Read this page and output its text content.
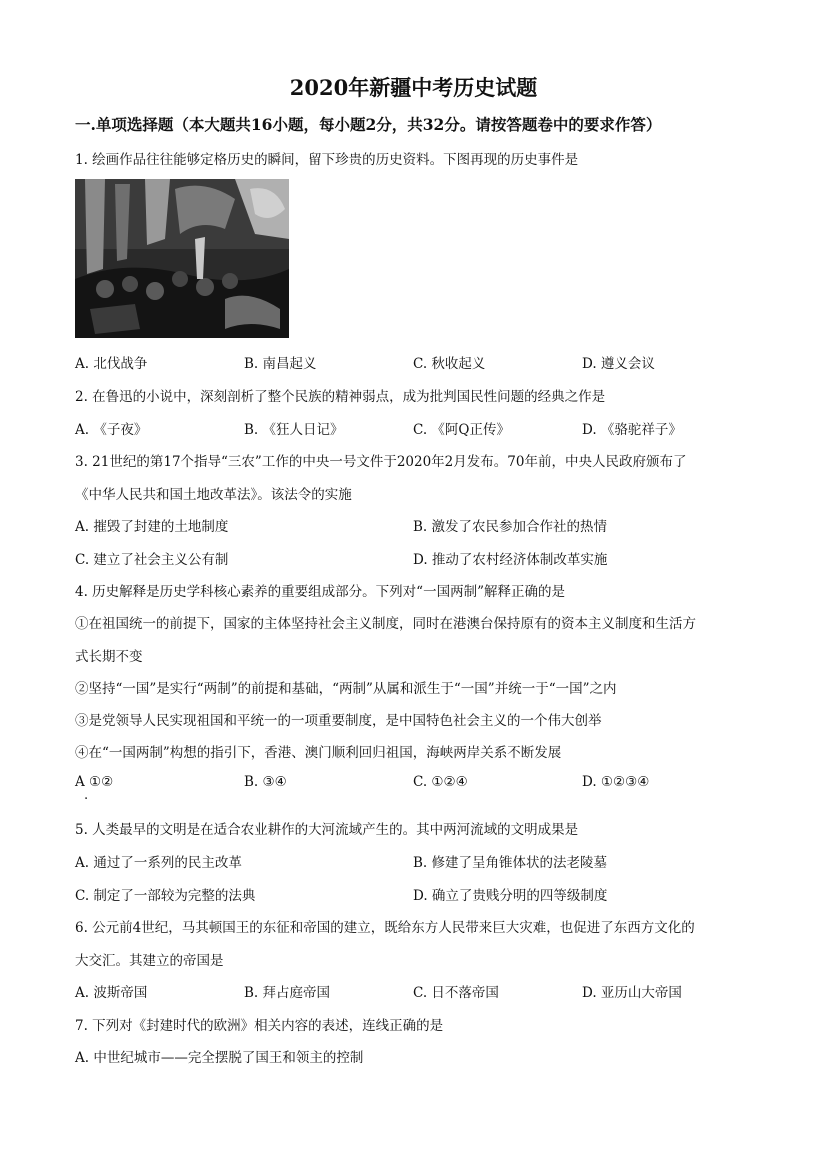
2020年新疆中考历史试题
一.单项选择题（本大题共16小题，每小题2分，共32分。请按答题卷中的要求作答）
1. 绘画作品往往能够定格历史的瞬间，留下珍贵的历史资料。下图再现的历史事件是
A. 北伐战争	B. 南昌起义	C. 秋收起义	D. 遵义会议
2. 在鲁迅的小说中，深刻剖析了整个民族的精神弱点，成为批判国民性问题的经典之作是
A. 《子夜》	B. 《狂人日记》	C. 《阿Q正传》	D. 《骆驼祥子》
3. 21世纪的第17个指导“三农”工作的中央一号文件于2020年2月发布。70年前，中央人民政府颁布了
《中华人民共和国土地改革法》。该法令的实施
A. 摧毁了封建的土地制度	B. 激发了农民参加合作社的热情
C. 建立了社会主义公有制	D. 推动了农村经济体制改革实施
4. 历史解释是历史学科核心素养的重要组成部分。下列对“一国两制”解释正确的是
①在祖国统一的前提下，国家的主体坚持社会主义制度，同时在港澳台保持原有的资本主义制度和生活方
式长期不变
②坚持“一国”是实行“两制”的前提和基础，“两制”从属和派生于“一国”并统一于“一国”之内
③是党领导人民实现祖国和平统一的一项重要制度，是中国特色社会主义的一个伟大创举
④在“一国两制”构想的指引下，香港、澳门顺利回归祖国，海峡两岸关系不断发展
A ①②	B. ③④	C. ①②④	D. ①②③④
.
5. 人类最早的文明是在适合农业耕作的大河流域产生的。其中两河流域的文明成果是
A. 通过了一系列的民主改革	B. 修建了呈角锥体状的法老陵墓
C. 制定了一部较为完整的法典	D. 确立了贵贱分明的四等级制度
6. 公元前4世纪，马其顿国王的东征和帝国的建立，既给东方人民带来巨大灾难，也促进了东西方文化的
大交汇。其建立的帝国是
A. 波斯帝国	B. 拜占庭帝国	C. 日不落帝国	D. 亚历山大帝国
7. 下列对《封建时代的欧洲》相关内容的表述，连线正确的是
A. 中世纪城市——完全摆脱了国王和领主的控制
